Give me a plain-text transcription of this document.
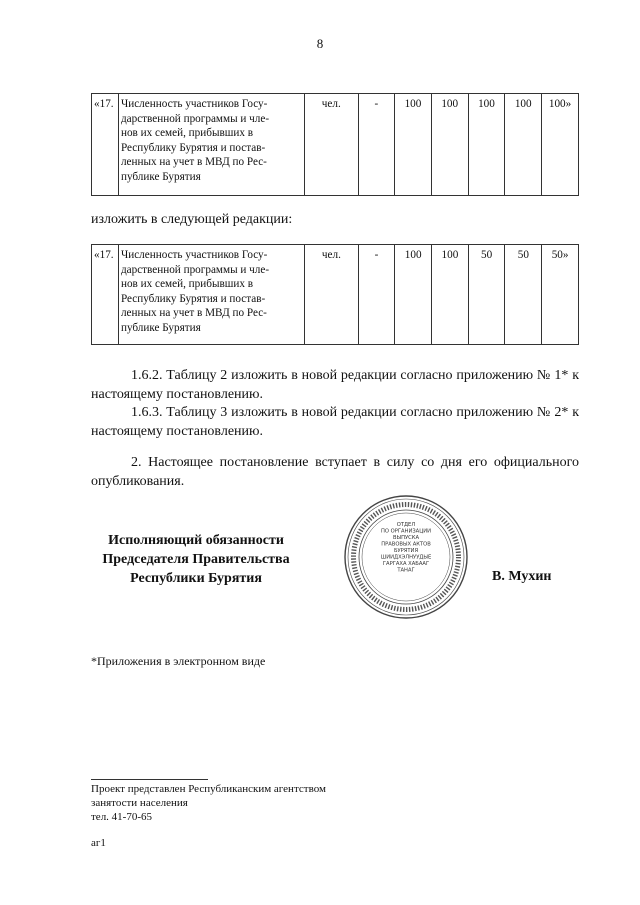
8
«17.	Численность участников Госу-
дарственной программы и чле-
нов их семей, прибывших в
Республику Бурятия и постав-
ленных на учет в МВД по Рес-
публике Бурятия	чел.	-	100	100	100	100	100»
изложить в следующей редакции:
«17.	Численность участников Госу-
дарственной программы и чле-
нов их семей, прибывших в
Республику Бурятия и постав-
ленных на учет в МВД по Рес-
публике Бурятия	чел.	-	100	100	50	50	50»
1.6.2. Таблицу 2 изложить в новой редакции согласно приложению № 1* к настоящему постановлению.
1.6.3. Таблицу 3 изложить в новой редакции согласно приложению № 2* к настоящему постановлению.
2. Настоящее постановление вступает в силу со дня его официального опубликования.
Исполняющий обязанности
Председателя Правительства
Республики Бурятия
ОТДЕЛ
ПО ОРГАНИЗАЦИИ
ВЫПУСКА
ПРАВОВЫХ АКТОВ
БУРЯТИЯ
ШИИДХЭЛНУУДЫЕ
ГАРГАХА ХАБААГ
ТАНАГ	В. Мухин
*Приложения в электронном виде
Проект представлен Республиканским агентством
занятости населения
тел. 41-70-65
аг1
